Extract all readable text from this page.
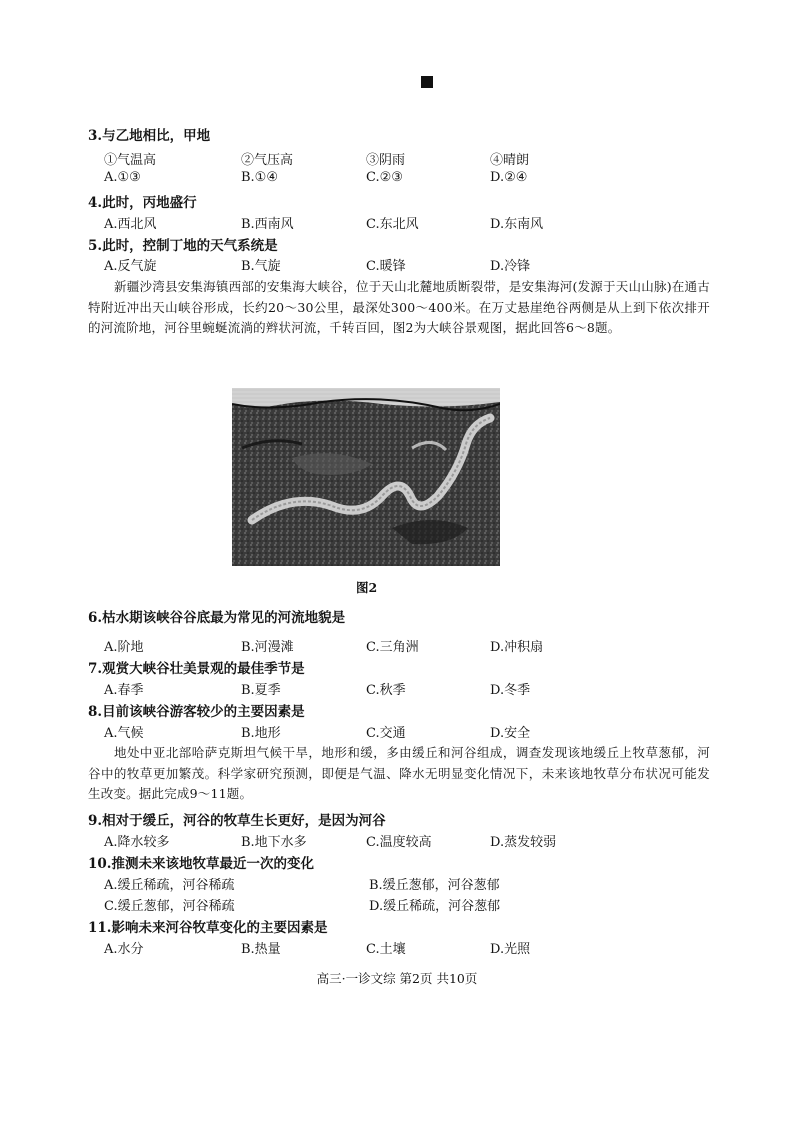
3.与乙地相比，甲地
①气温高	②气压高	③阴雨	④晴朗
A.①③	B.①④	C.②③	D.②④
4.此时，丙地盛行
A.西北风	B.西南风	C.东北风	D.东南风
5.此时，控制丁地的天气系统是
A.反气旋	B.气旋	C.暖锋	D.冷锋
新疆沙湾县安集海镇西部的安集海大峡谷，位于天山北麓地质断裂带，是安集海河(发源于天山山脉)在通古特附近冲出天山峡谷形成，长约20～30公里，最深处300～400米。在万丈悬崖绝谷两侧是从上到下依次排开的河流阶地，河谷里蜿蜒流淌的辫状河流，千转百回，图2为大峡谷景观图，据此回答6～8题。
图2
6.枯水期该峡谷谷底最为常见的河流地貌是
A.阶地	B.河漫滩	C.三角洲	D.冲积扇
7.观赏大峡谷壮美景观的最佳季节是
A.春季	B.夏季	C.秋季	D.冬季
8.目前该峡谷游客较少的主要因素是
A.气候	B.地形	C.交通	D.安全
地处中亚北部哈萨克斯坦气候干旱，地形和缓，多由缓丘和河谷组成，调查发现该地缓丘上牧草葱郁，河谷中的牧草更加繁茂。科学家研究预测，即便是气温、降水无明显变化情况下，未来该地牧草分布状况可能发生改变。据此完成9～11题。
9.相对于缓丘，河谷的牧草生长更好，是因为河谷
A.降水较多	B.地下水多	C.温度较高	D.蒸发较弱
10.推测未来该地牧草最近一次的变化
A.缓丘稀疏，河谷稀疏	B.缓丘葱郁，河谷葱郁
C.缓丘葱郁，河谷稀疏	D.缓丘稀疏，河谷葱郁
11.影响未来河谷牧草变化的主要因素是
A.水分	B.热量	C.土壤	D.光照
高三·一诊文综 第2页 共10页
